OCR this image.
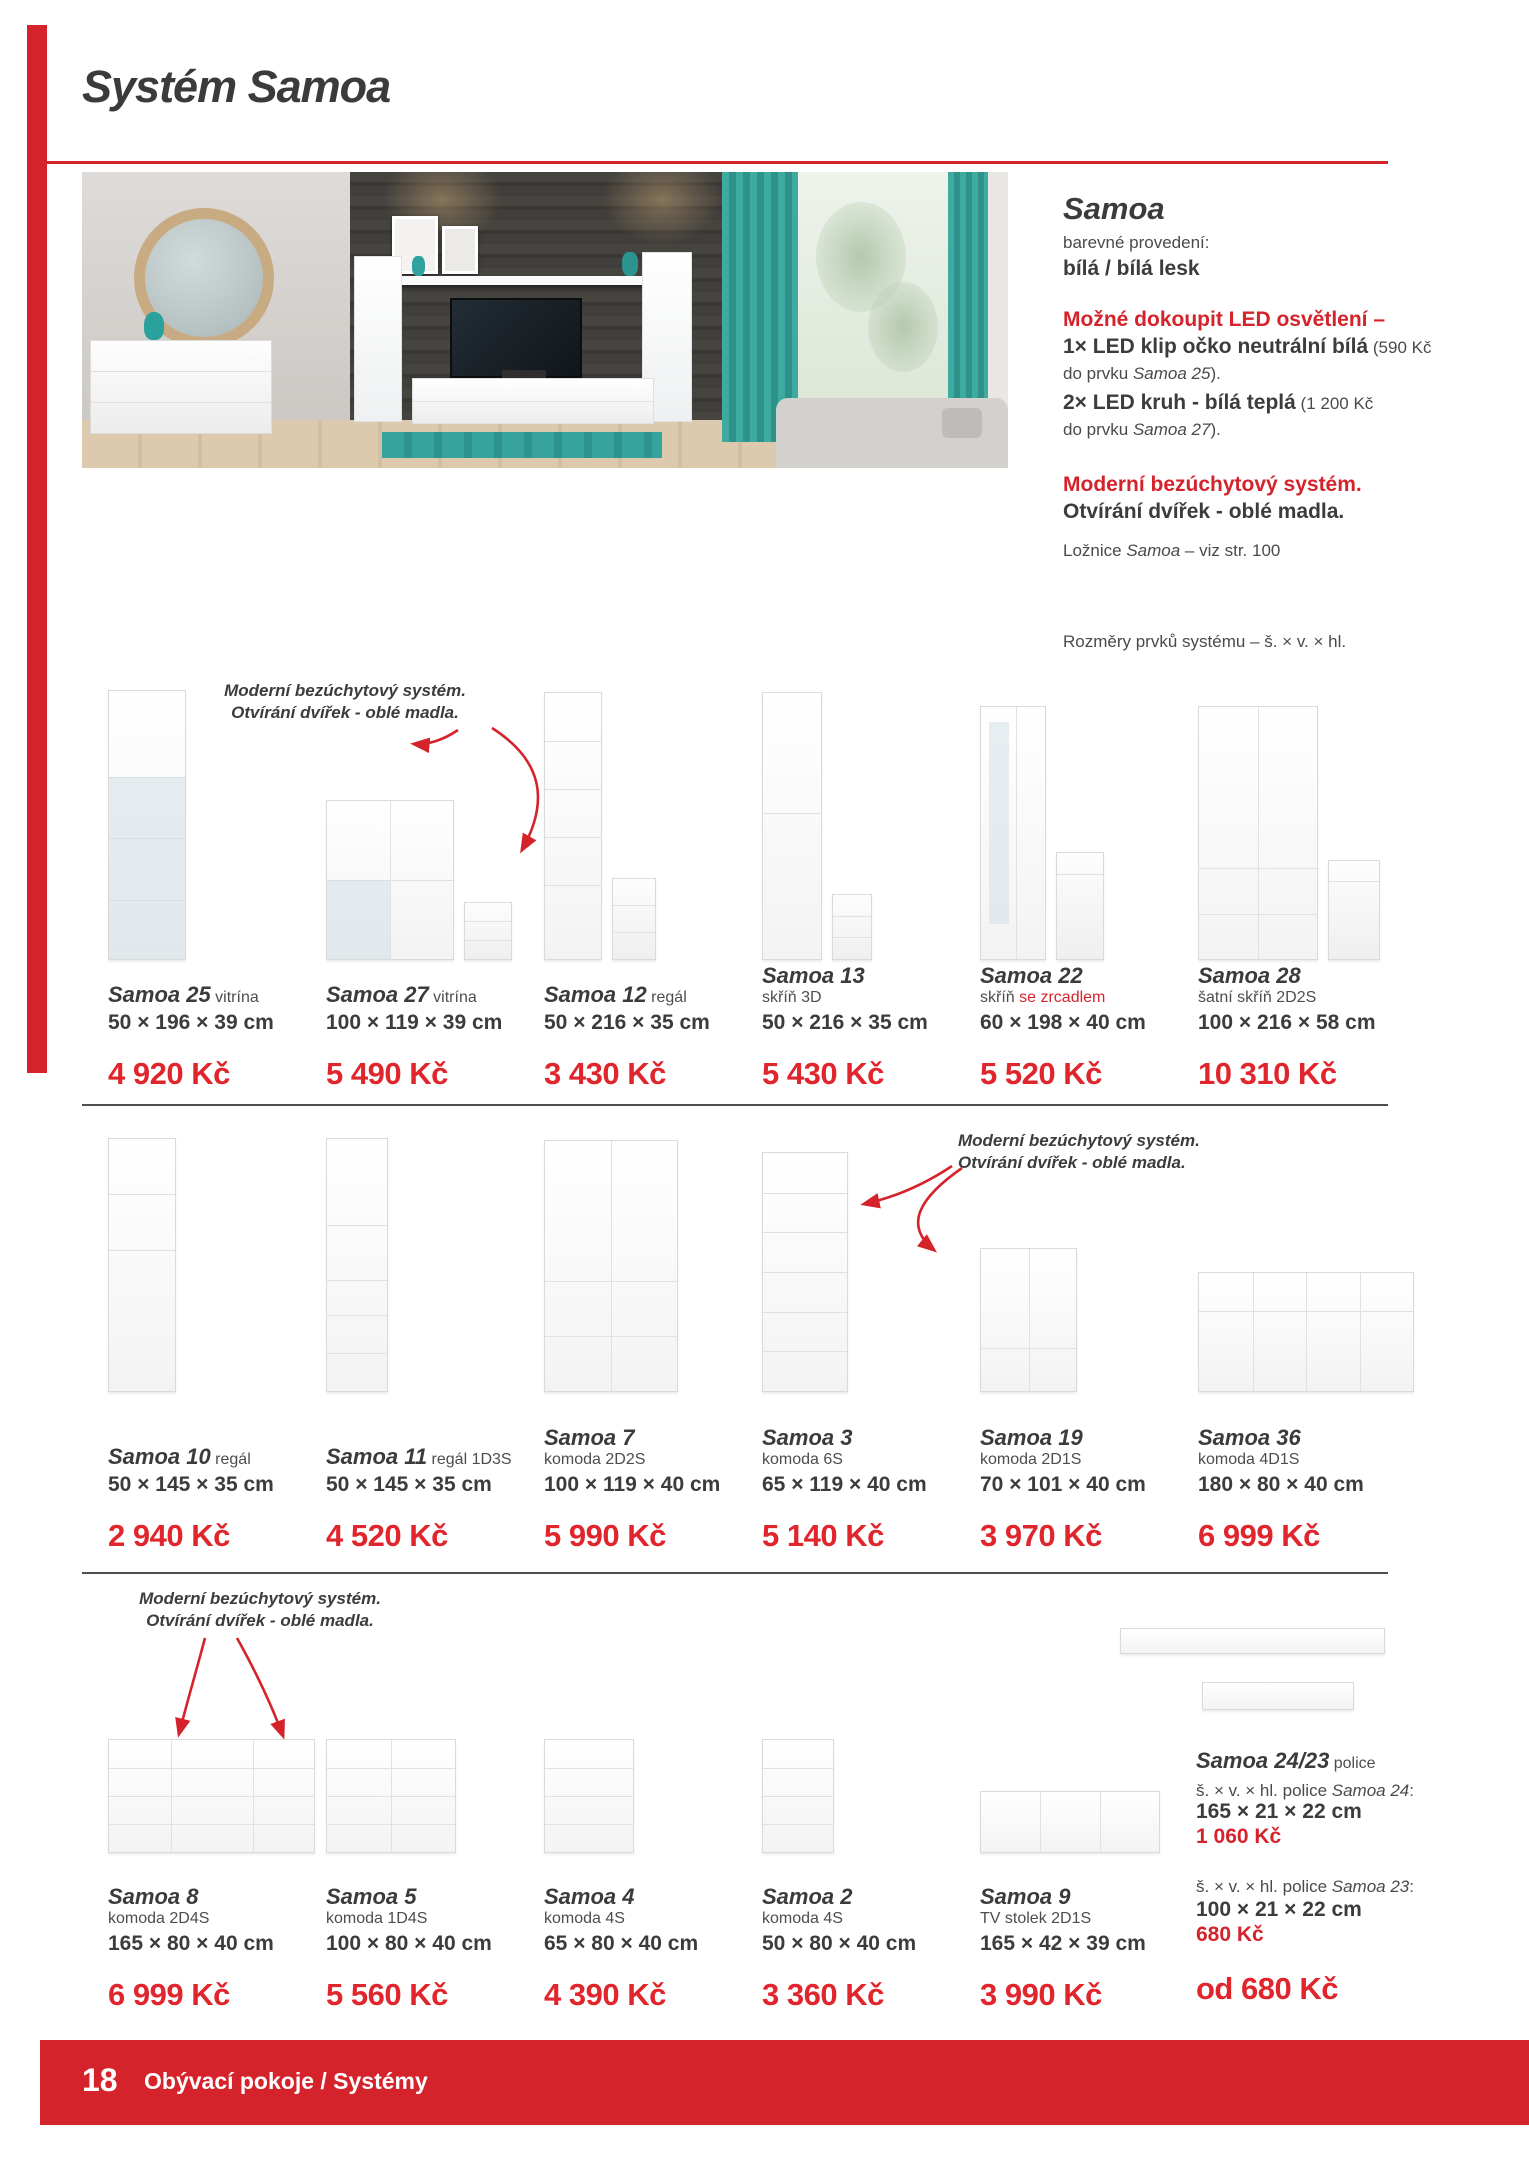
Systém Samoa
Samoa
barevné provedení:
bílá / bílá lesk
Možné dokoupit LED osvětlení –
1× LED klip očko neutrální bílá (590 Kč
do prvku Samoa 25).
2× LED kruh - bílá teplá (1 200 Kč
do prvku Samoa 27).
Moderní bezúchytový systém.
Otvírání dvířek - oblé madla.
Ložnice Samoa – viz str. 100
Rozměry prvků systému – š. × v. × hl.
Moderní bezúchytový systém.
Otvírání dvířek - oblé madla.
Moderní bezúchytový systém.
Otvírání dvířek - oblé madla.
Moderní bezúchytový systém.
Otvírání dvířek - oblé madla.
Samoa 25 vitrína
50 × 196 × 39 cm
4 920 Kč
Samoa 27 vitrína
100 × 119 × 39 cm
5 490 Kč
Samoa 12 regál
50 × 216 × 35 cm
3 430 Kč
Samoa 13
skříň 3D
50 × 216 × 35 cm
5 430 Kč
Samoa 22
skříň se zrcadlem
60 × 198 × 40 cm
5 520 Kč
Samoa 28
šatní skříň 2D2S
100 × 216 × 58 cm
10 310 Kč
Samoa 10 regál
50 × 145 × 35 cm
2 940 Kč
Samoa 11 regál 1D3S
50 × 145 × 35 cm
4 520 Kč
Samoa 7
komoda 2D2S
100 × 119 × 40 cm
5 990 Kč
Samoa 3
komoda 6S
65 × 119 × 40 cm
5 140 Kč
Samoa 19
komoda 2D1S
70 × 101 × 40 cm
3 970 Kč
Samoa 36
komoda 4D1S
180 × 80 × 40 cm
6 999 Kč
Samoa 8
komoda 2D4S
165 × 80 × 40 cm
6 999 Kč
Samoa 5
komoda 1D4S
100 × 80 × 40 cm
5 560 Kč
Samoa 4
komoda 4S
65 × 80 × 40 cm
4 390 Kč
Samoa 2
komoda 4S
50 × 80 × 40 cm
3 360 Kč
Samoa 9
TV stolek 2D1S
165 × 42 × 39 cm
3 990 Kč
Samoa 24/23 police
š. × v. × hl. police Samoa 24:
165 × 21 × 22 cm
1 060 Kč
š. × v. × hl. police Samoa 23:
100 × 21 × 22 cm
680 Kč
od 680 Kč
18 Obývací pokoje / Systémy
